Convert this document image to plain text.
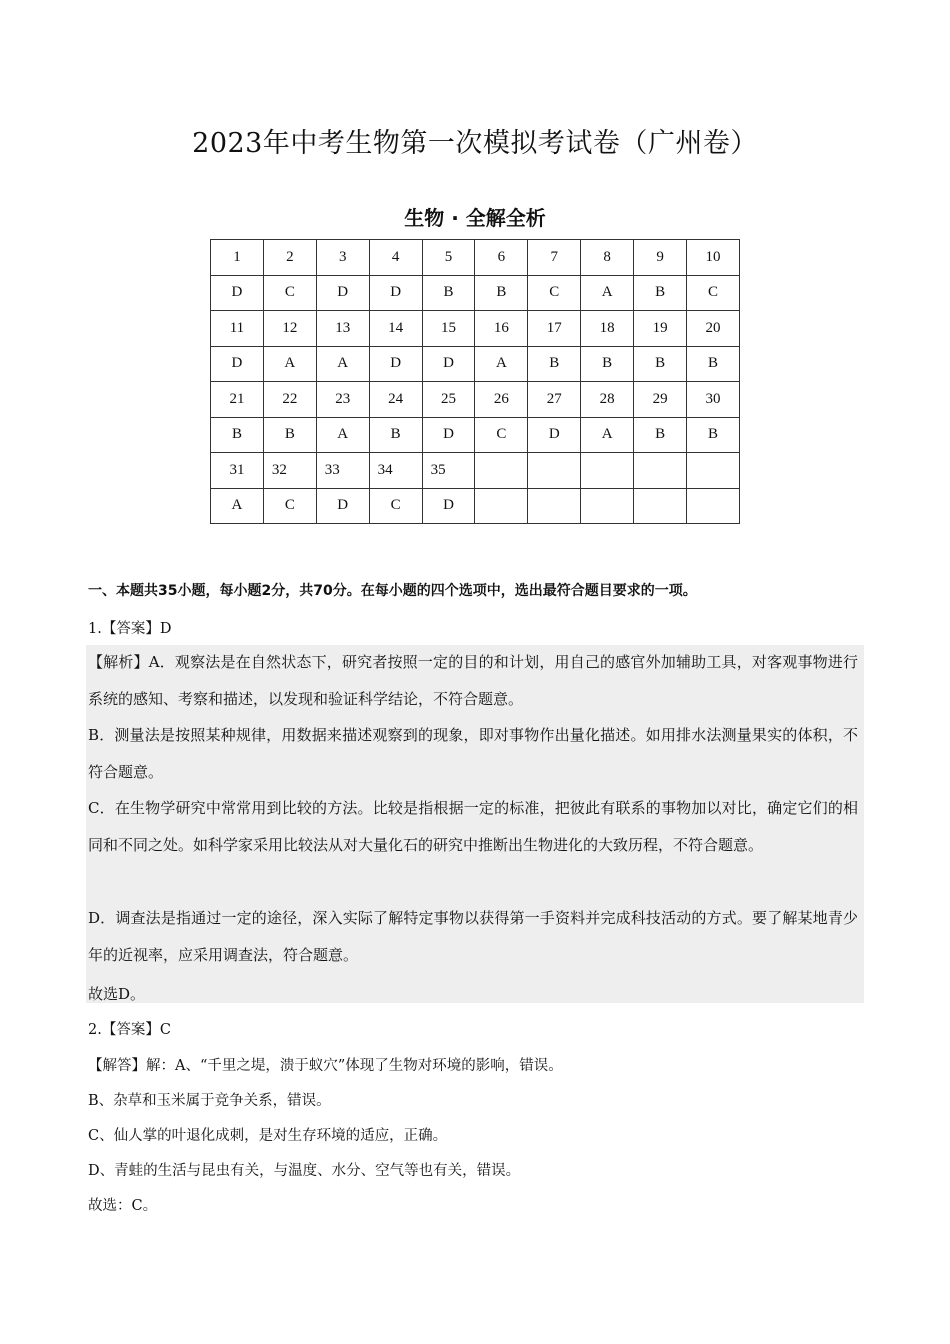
2023年中考生物第一次模拟考试卷（广州卷）
生物 · 全解全析
1	2	3	4	5	6	7	8	9	10
D	C	D	D	B	B	C	A	B	C
11	12	13	14	15	16	17	18	19	20
D	A	A	D	D	A	B	B	B	B
21	22	23	24	25	26	27	28	29	30
B	B	A	B	D	C	D	A	B	B
31	32	33	34	35					
A	C	D	C	D					
一、本题共35小题，每小题2分，共70分。在每小题的四个选项中，选出最符合题目要求的一项。
1.【答案】D
【解析】A．观察法是在自然状态下，研究者按照一定的目的和计划，用自己的感官外加辅助工具，对客观事物进行系统的感知、考察和描述，以发现和验证科学结论，不符合题意。
B．测量法是按照某种规律，用数据来描述观察到的现象，即对事物作出量化描述。如用排水法测量果实的体积，不符合题意。
C．在生物学研究中常常用到比较的方法。比较是指根据一定的标准，把彼此有联系的事物加以对比，确定它们的相同和不同之处。如科学家采用比较法从对大量化石的研究中推断出生物进化的大致历程，不符合题意。
D．调查法是指通过一定的途径，深入实际了解特定事物以获得第一手资料并完成科技活动的方式。要了解某地青少年的近视率，应采用调查法，符合题意。
故选D。
2.【答案】C
【解答】解：A、“千里之堤，溃于蚁穴”体现了生物对环境的影响，错误。
B、杂草和玉米属于竞争关系，错误。
C、仙人掌的叶退化成刺，是对生存环境的适应，正确。
D、青蛙的生活与昆虫有关，与温度、水分、空气等也有关，错误。
故选：C。
